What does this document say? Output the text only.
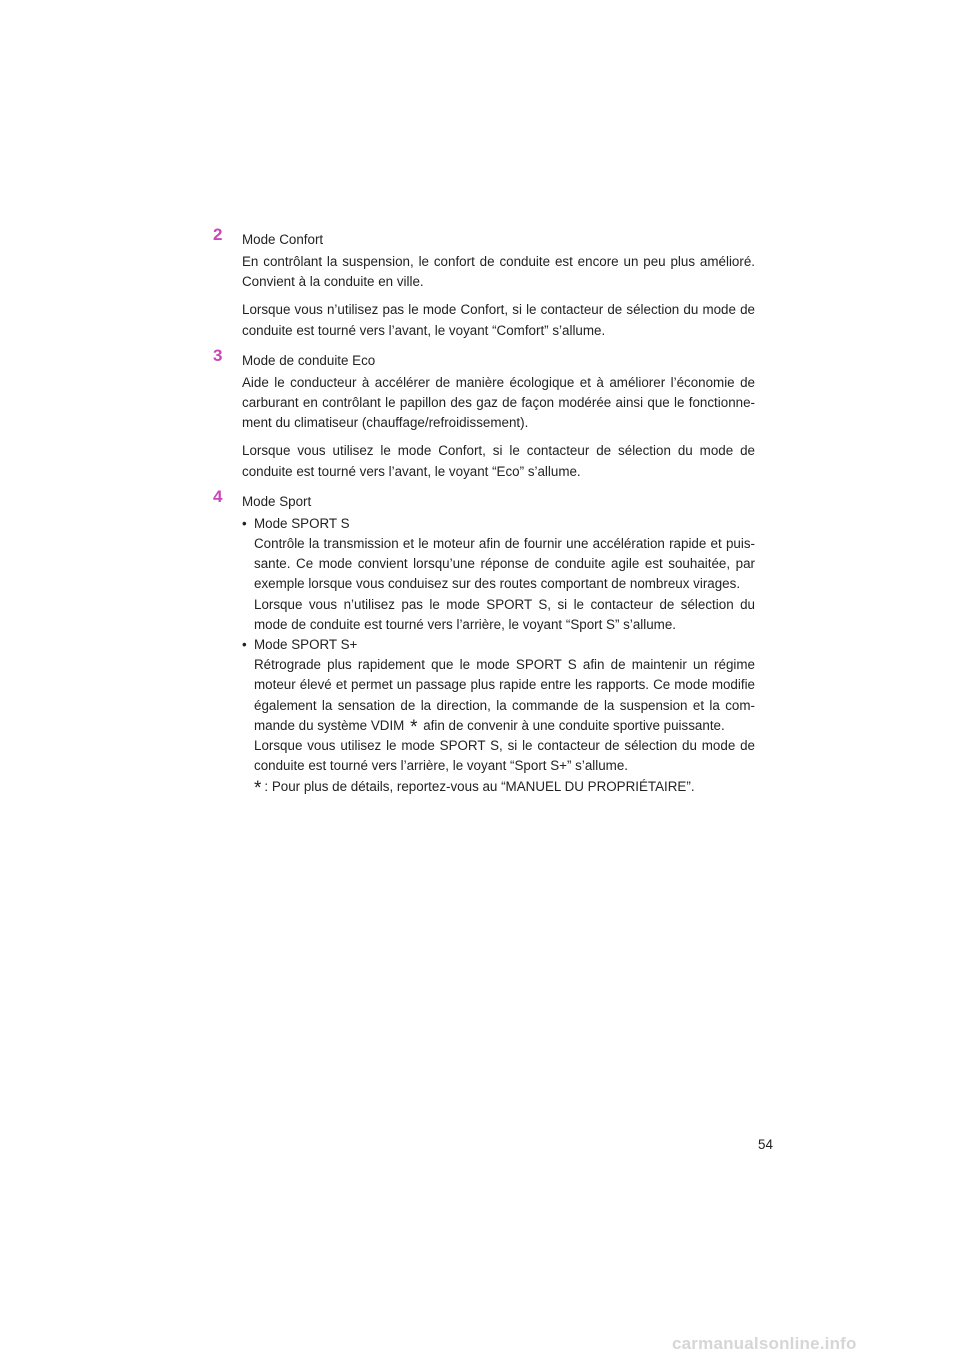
2 Mode Confort

En contrôlant la suspension, le confort de conduite est encore un peu plus amélioré. Convient à la conduite en ville.

Lorsque vous n’utilisez pas le mode Confort, si le contacteur de sélection du mode de conduite est tourné vers l’avant, le voyant “Comfort” s’allume.

3 Mode de conduite Eco

Aide le conducteur à accélérer de manière écologique et à améliorer l’économie de carburant en contrôlant le papillon des gaz de façon modérée ainsi que le fonctionnement du climatiseur (chauffage/refroidissement).

Lorsque vous utilisez le mode Confort, si le contacteur de sélection du mode de conduite est tourné vers l’avant, le voyant “Eco” s’allume.

4 Mode Sport
• Mode SPORT S

Contrôle la transmission et le moteur afin de fournir une accélération rapide et puissante. Ce mode convient lorsqu’une réponse de conduite agile est souhaitée, par exemple lorsque vous conduisez sur des routes comportant de nombreux virages.

Lorsque vous n’utilisez pas le mode SPORT S, si le contacteur de sélection du mode de conduite est tourné vers l’arrière, le voyant “Sport S” s’allume.

• Mode SPORT S+

Rétrograde plus rapidement que le mode SPORT S afin de maintenir un régime moteur élevé et permet un passage plus rapide entre les rapports. Ce mode modifie également la sensation de la direction, la commande de la suspension et la commande du système VDIM * afin de convenir à une conduite sportive puissante.

Lorsque vous utilisez le mode SPORT S, si le contacteur de sélection du mode de conduite est tourné vers l’arrière, le voyant “Sport S+” s’allume.

* : Pour plus de détails, reportez-vous au “MANUEL DU PROPRIÉTAIRE”.
54
carmanualsonline.info
